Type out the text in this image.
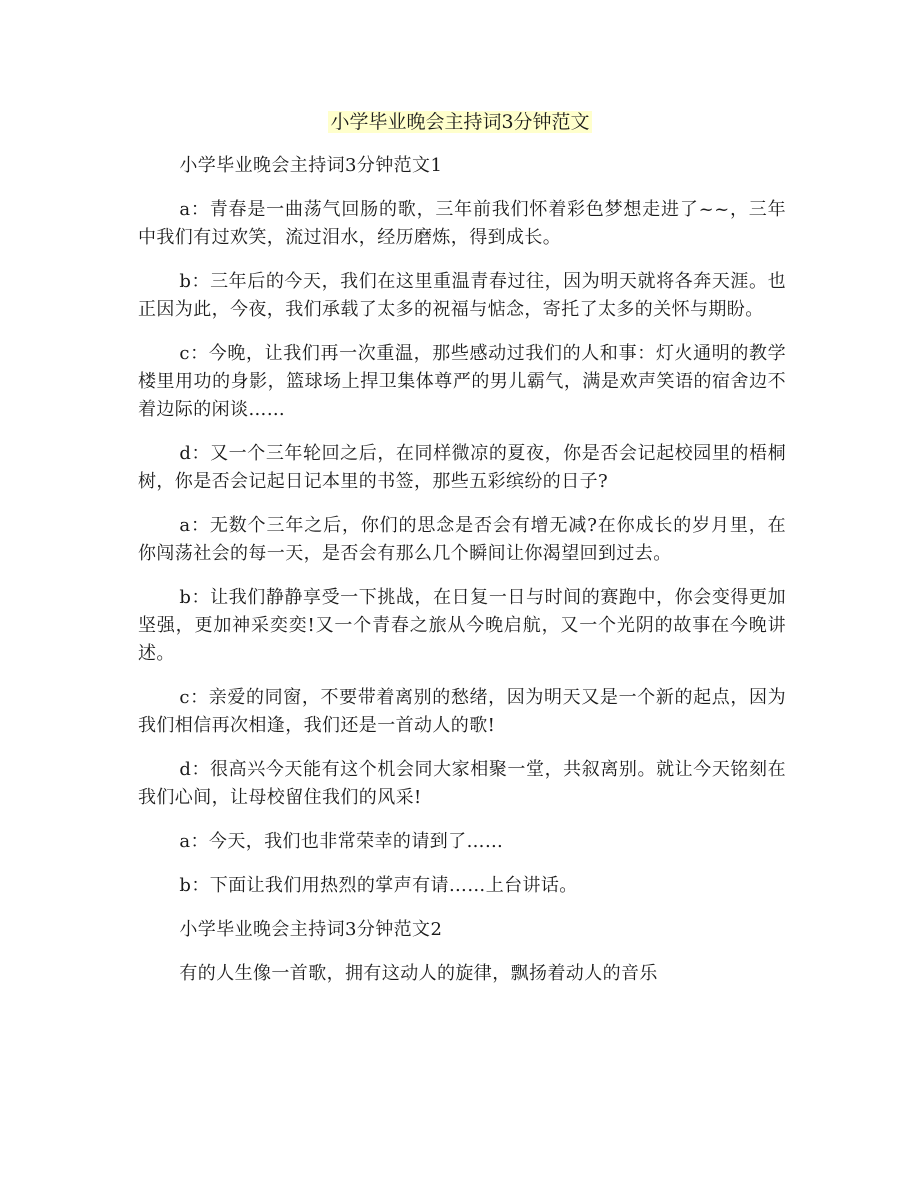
小学毕业晚会主持词3分钟范文

小学毕业晚会主持词3分钟范文1

a：青春是一曲荡气回肠的歌，三年前我们怀着彩色梦想走进了~~，三年中我们有过欢笑，流过泪水，经历磨炼，得到成长。

b：三年后的今天，我们在这里重温青春过往，因为明天就将各奔天涯。也正因为此，今夜，我们承载了太多的祝福与惦念，寄托了太多的关怀与期盼。

c：今晚，让我们再一次重温，那些感动过我们的人和事：灯火通明的教学楼里用功的身影，篮球场上捍卫集体尊严的男儿霸气，满是欢声笑语的宿舍边不着边际的闲谈……

d：又一个三年轮回之后，在同样微凉的夏夜，你是否会记起校园里的梧桐树，你是否会记起日记本里的书签，那些五彩缤纷的日子?

a：无数个三年之后，你们的思念是否会有增无减?在你成长的岁月里，在你闯荡社会的每一天，是否会有那么几个瞬间让你渴望回到过去。

b：让我们静静享受一下挑战，在日复一日与时间的赛跑中，你会变得更加坚强，更加神采奕奕!又一个青春之旅从今晚启航，又一个光阴的故事在今晚讲述。

c：亲爱的同窗，不要带着离别的愁绪，因为明天又是一个新的起点，因为我们相信再次相逢，我们还是一首动人的歌!

d：很高兴今天能有这个机会同大家相聚一堂，共叙离别。就让今天铭刻在我们心间，让母校留住我们的风采!

a：今天，我们也非常荣幸的请到了……

b：下面让我们用热烈的掌声有请……上台讲话。

小学毕业晚会主持词3分钟范文2

有的人生像一首歌，拥有这动人的旋律，飘扬着动人的音乐
